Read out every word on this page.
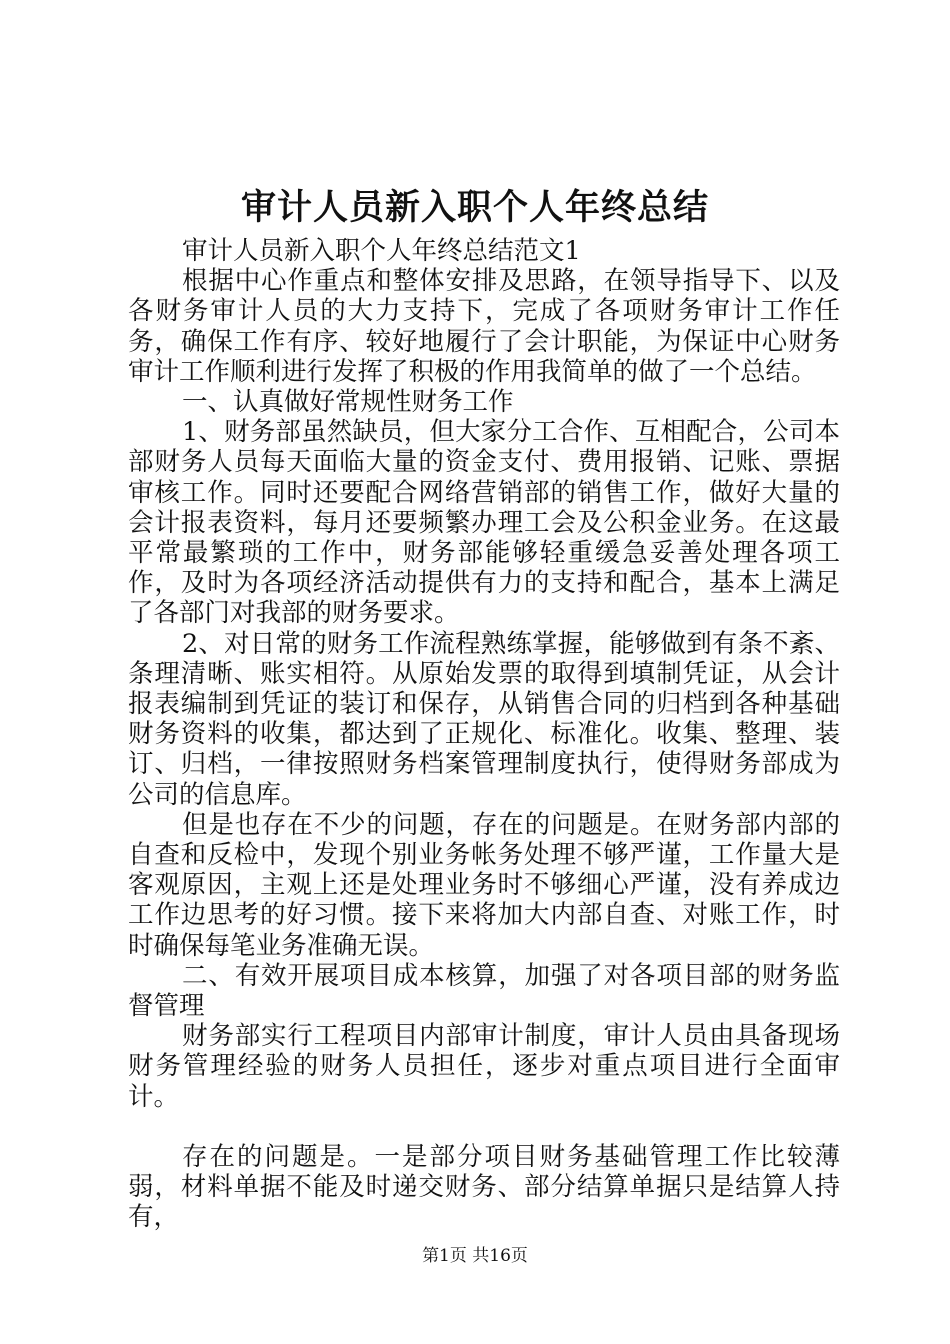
审计人员新入职个人年终总结

审计人员新入职个人年终总结范文1

根据中心作重点和整体安排及思路，在领导指导下、以及各财务审计人员的大力支持下，完成了各项财务审计工作任务，确保工作有序、较好地履行了会计职能，为保证中心财务审计工作顺利进行发挥了积极的作用我简单的做了一个总结。

一、认真做好常规性财务工作

1、财务部虽然缺员，但大家分工合作、互相配合，公司本部财务人员每天面临大量的资金支付、费用报销、记账、票据审核工作。同时还要配合网络营销部的销售工作，做好大量的会计报表资料，每月还要频繁办理工会及公积金业务。在这最平常最繁琐的工作中，财务部能够轻重缓急妥善处理各项工作，及时为各项经济活动提供有力的支持和配合，基本上满足了各部门对我部的财务要求。

2、对日常的财务工作流程熟练掌握，能够做到有条不紊、条理清晰、账实相符。从原始发票的取得到填制凭证，从会计报表编制到凭证的装订和保存，从销售合同的归档到各种基础财务资料的收集，都达到了正规化、标准化。收集、整理、装订、归档，一律按照财务档案管理制度执行，使得财务部成为公司的信息库。

但是也存在不少的问题，存在的问题是。在财务部内部的自查和反检中，发现个别业务帐务处理不够严谨，工作量大是客观原因，主观上还是处理业务时不够细心严谨，没有养成边工作边思考的好习惯。接下来将加大内部自查、对账工作，时时确保每笔业务准确无误。

二、有效开展项目成本核算，加强了对各项目部的财务监督管理

财务部实行工程项目内部审计制度，审计人员由具备现场财务管理经验的财务人员担任，逐步对重点项目进行全面审计。

存在的问题是。一是部分项目财务基础管理工作比较薄弱，材料单据不能及时递交财务、部分结算单据只是结算人持有，

第1页 共16页
